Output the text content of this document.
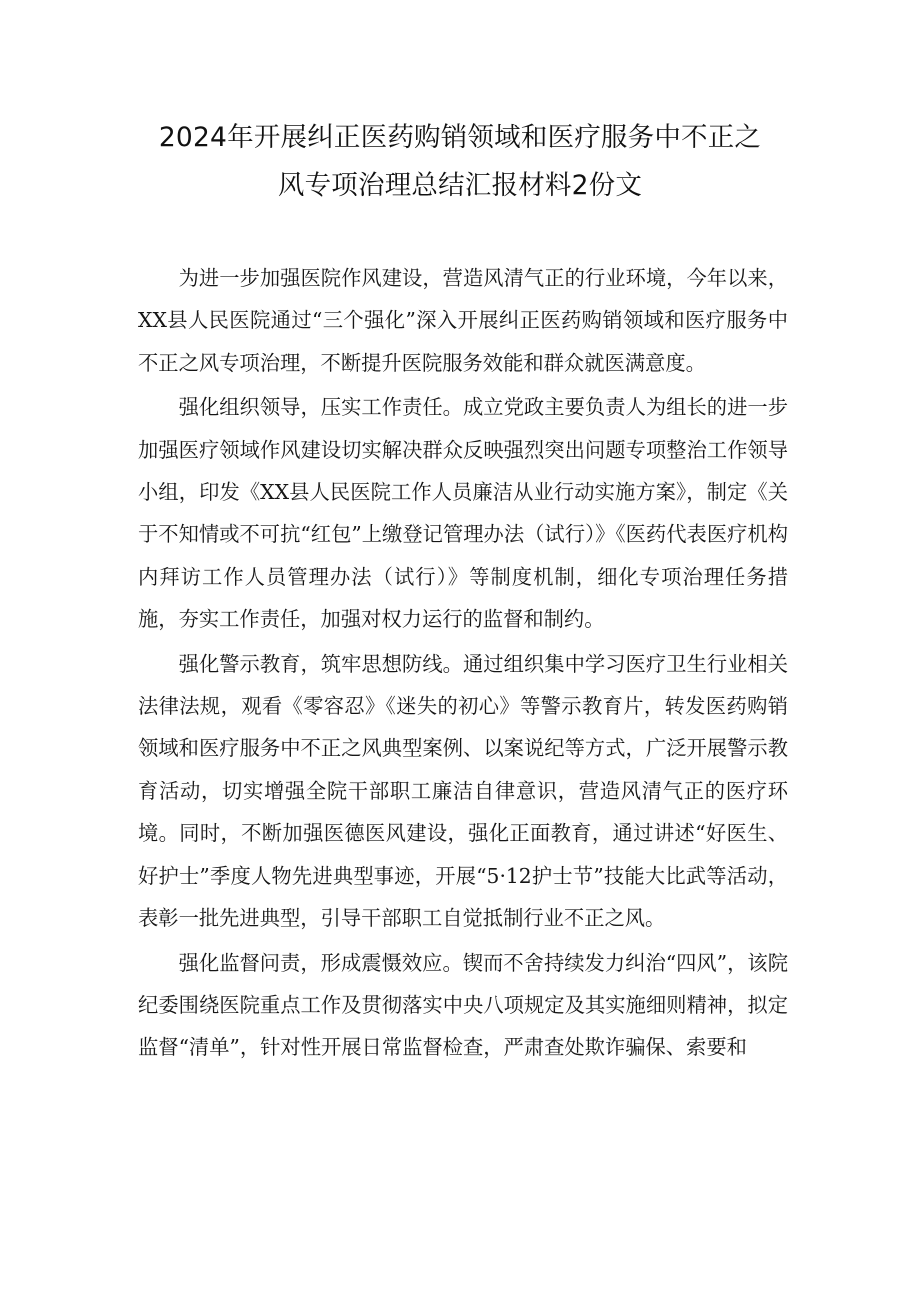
2024年开展纠正医药购销领域和医疗服务中不正之
风专项治理总结汇报材料2份文

为进一步加强医院作风建设，营造风清气正的行业环境，今年以来，XX县人民医院通过“三个强化”深入开展纠正医药购销领域和医疗服务中不正之风专项治理，不断提升医院服务效能和群众就医满意度。

强化组织领导，压实工作责任。成立党政主要负责人为组长的进一步加强医疗领域作风建设切实解决群众反映强烈突出问题专项整治工作领导小组，印发《XX县人民医院工作人员廉洁从业行动实施方案》，制定《关于不知情或不可抗“红包”上缴登记管理办法（试行）》《医药代表医疗机构内拜访工作人员管理办法（试行）》等制度机制，细化专项治理任务措施，夯实工作责任，加强对权力运行的监督和制约。

强化警示教育，筑牢思想防线。通过组织集中学习医疗卫生行业相关法律法规，观看《零容忍》《迷失的初心》等警示教育片，转发医药购销领域和医疗服务中不正之风典型案例、以案说纪等方式，广泛开展警示教育活动，切实增强全院干部职工廉洁自律意识，营造风清气正的医疗环境。同时，不断加强医德医风建设，强化正面教育，通过讲述“好医生、好护士”季度人物先进典型事迹，开展“5·12护士节”技能大比武等活动，表彰一批先进典型，引导干部职工自觉抵制行业不正之风。

强化监督问责，形成震慑效应。锲而不舍持续发力纠治“四风”，该院纪委围绕医院重点工作及贯彻落实中央八项规定及其实施细则精神，拟定监督“清单”，针对性开展日常监督检查，严肃查处欺诈骗保、索要和
